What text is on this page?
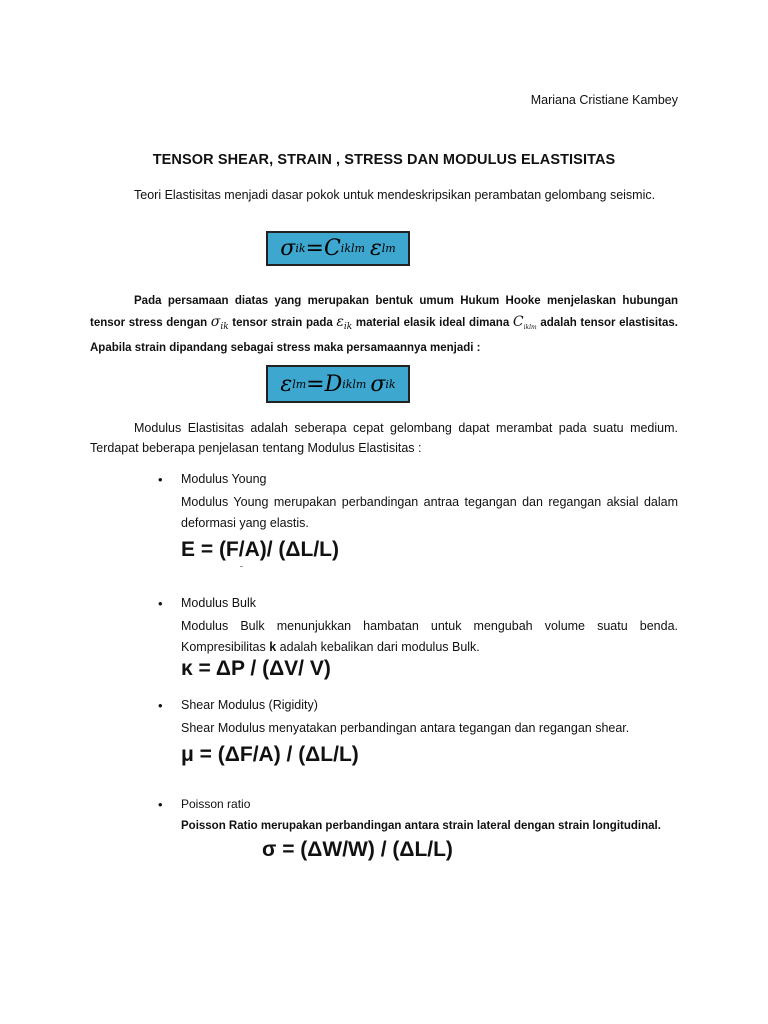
Mariana Cristiane Kambey
TENSOR SHEAR, STRAIN , STRESS DAN MODULUS ELASTISITAS
Teori Elastisitas menjadi dasar pokok untuk mendeskripsikan perambatan gelombang seismic.
σ ik = C iklm ε lm
Pada persamaan diatas yang merupakan bentuk umum Hukum Hooke menjelaskan hubungan tensor stress dengan $\sigma_{ik}$ tensor strain pada $\varepsilon_{ik}$ material elasik ideal dimana $C_{iklm}$ adalah tensor elastisitas. Apabila strain dipandang sebagai stress maka persamaannya menjadi :
ε lm = D iklm σ ik
Modulus Elastisitas adalah seberapa cepat gelombang dapat merambat pada suatu medium. Terdapat beberapa penjelasan tentang Modulus Elastisitas :
• Modulus Young
Modulus Young merupakan perbandingan antraa tegangan dan regangan aksial dalam deformasi yang elastis.
E = (F/A)/ (ΔL/L)
• Modulus Bulk
Modulus Bulk menunjukkan hambatan untuk mengubah volume suatu benda. Kompresibilitas k adalah kebalikan dari modulus Bulk.
κ = ΔP / (ΔV/ V)
• Shear Modulus (Rigidity)
Shear Modulus menyatakan perbandingan antara tegangan dan regangan shear.
μ = (ΔF/A) / (ΔL/L)
• Poisson ratio
Poisson Ratio merupakan perbandingan antara strain lateral dengan strain longitudinal.
σ = (ΔW/W) / (ΔL/L)
